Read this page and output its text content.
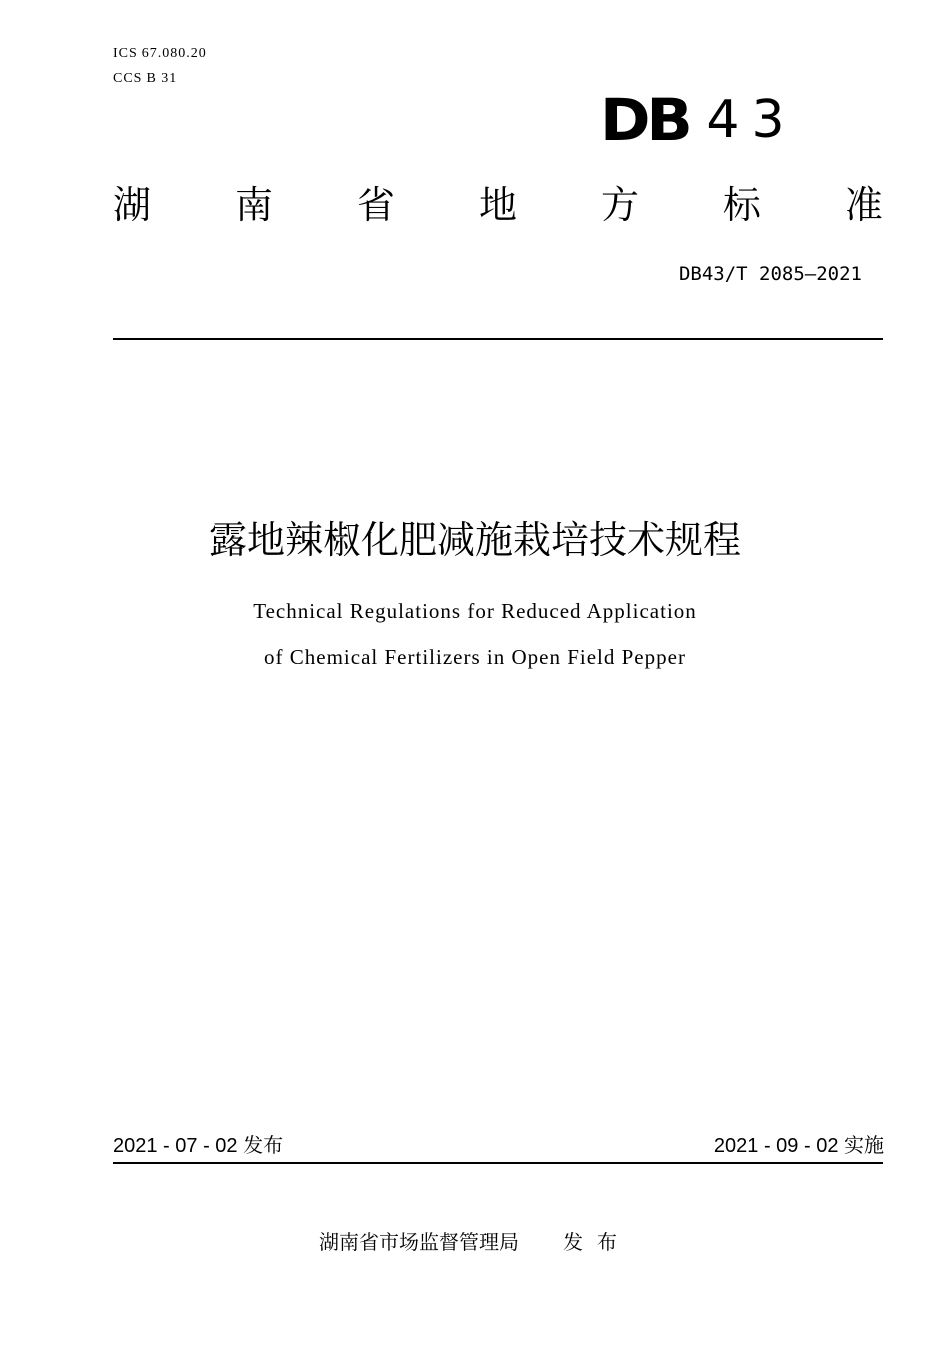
ICS 67.080.20
CCS B 31
DB 43
湖 南 省 地 方 标 准
DB43/T 2085—2021
露地辣椒化肥减施栽培技术规程
Technical Regulations for Reduced Application
of Chemical Fertilizers in Open Field Pepper
2021 - 07 - 02 发布	2021 - 09 - 02 实施
湖南省市场监督管理局 发布
